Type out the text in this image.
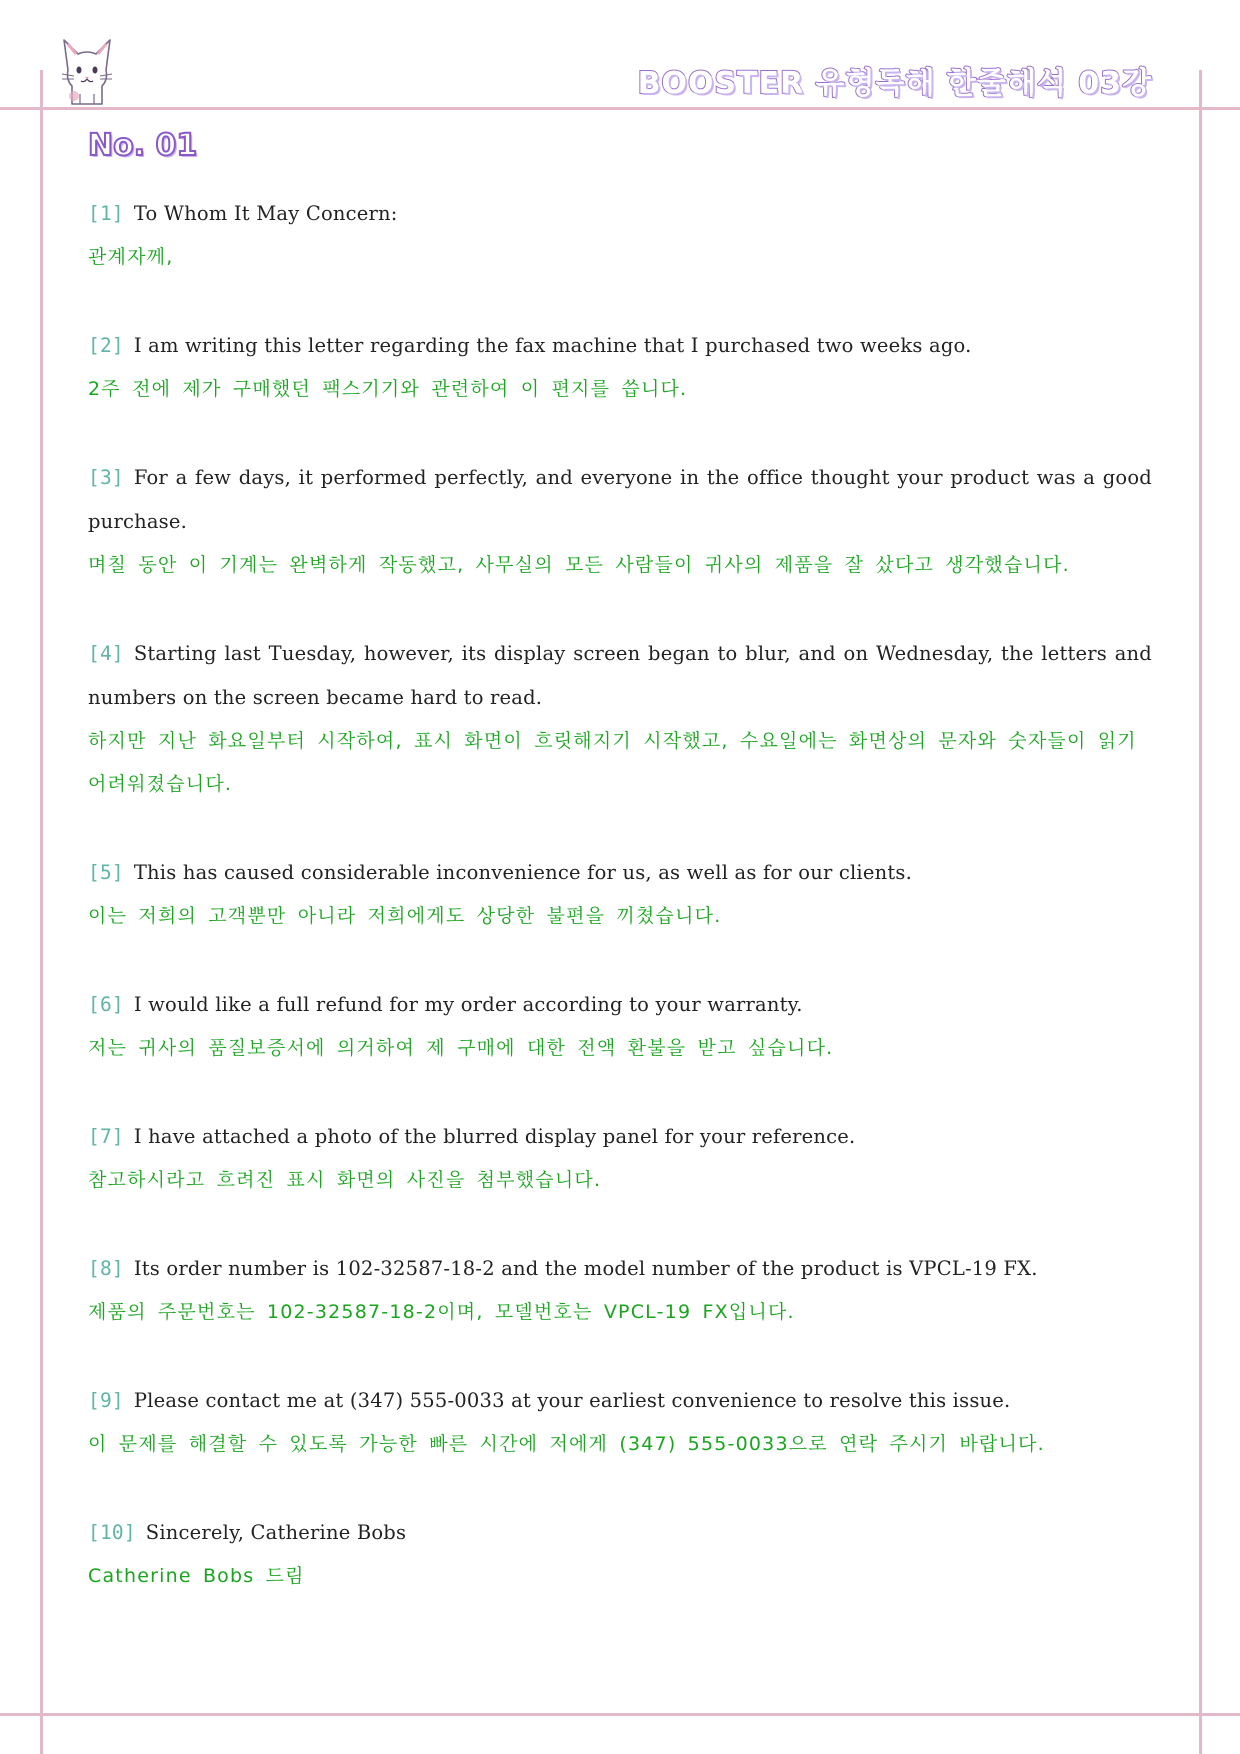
BOOSTER 유형독해 한줄해석 03강
No. 01
[1] To Whom It May Concern:
관계자께,
[2] I am writing this letter regarding the fax machine that I purchased two weeks ago.
2주 전에 제가 구매했던 팩스기기와 관련하여 이 편지를 씁니다.
[3] For a few days, it performed perfectly, and everyone in the office thought your product was a good purchase.
며칠 동안 이 기계는 완벽하게 작동했고, 사무실의 모든 사람들이 귀사의 제품을 잘 샀다고 생각했습니다.
[4] Starting last Tuesday, however, its display screen began to blur, and on Wednesday, the letters and numbers on the screen became hard to read.
하지만 지난 화요일부터 시작하여, 표시 화면이 흐릿해지기 시작했고, 수요일에는 화면상의 문자와 숫자들이 읽기 어려워졌습니다.
[5] This has caused considerable inconvenience for us, as well as for our clients.
이는 저희의 고객뿐만 아니라 저희에게도 상당한 불편을 끼쳤습니다.
[6] I would like a full refund for my order according to your warranty.
저는 귀사의 품질보증서에 의거하여 제 구매에 대한 전액 환불을 받고 싶습니다.
[7] I have attached a photo of the blurred display panel for your reference.
참고하시라고 흐려진 표시 화면의 사진을 첨부했습니다.
[8] Its order number is 102-32587-18-2 and the model number of the product is VPCL-19 FX.
제품의 주문번호는 102-32587-18-2이며, 모델번호는 VPCL-19 FX입니다.
[9] Please contact me at (347) 555-0033 at your earliest convenience to resolve this issue.
이 문제를 해결할 수 있도록 가능한 빠른 시간에 저에게 (347) 555-0033으로 연락 주시기 바랍니다.
[10] Sincerely, Catherine Bobs
Catherine Bobs 드림
